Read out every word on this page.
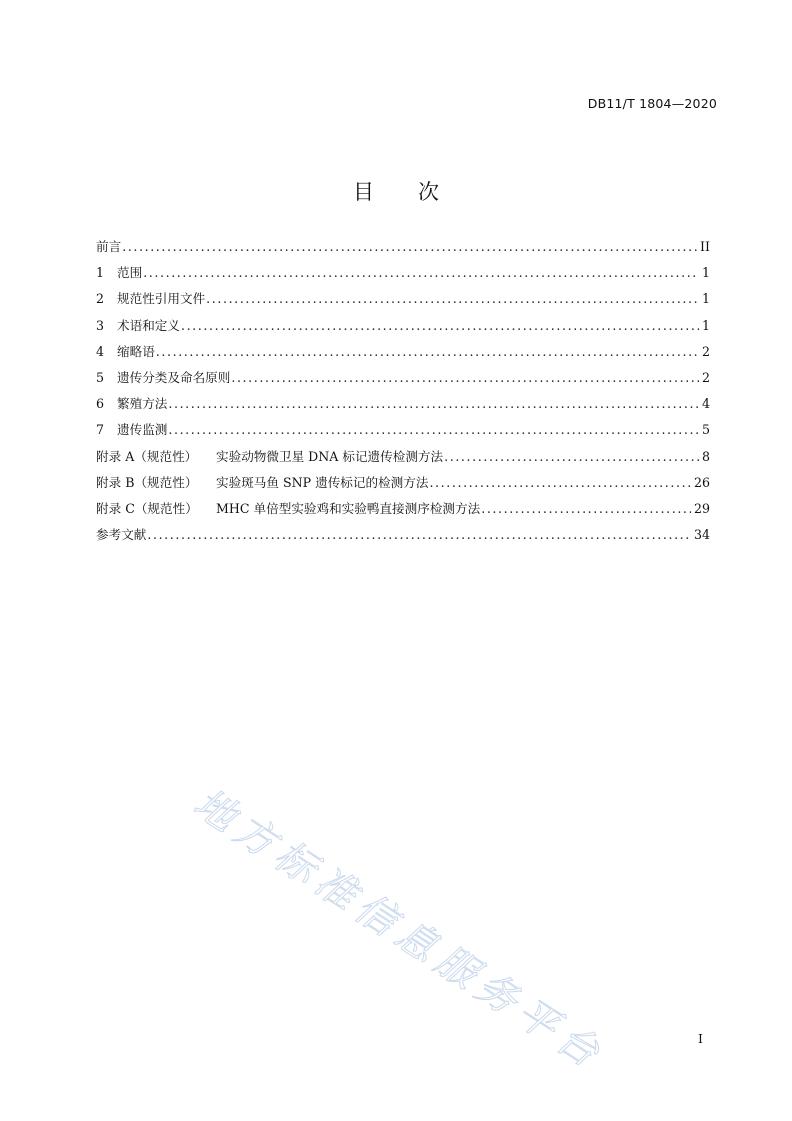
DB11/T 1804—2020
目 次
前言 .....	II
1	范围 .....	1
2	规范性引用文件 .....	1
3	术语和定义 .....	1
4	缩略语 .....	2
5	遗传分类及命名原则 .....	2
6	繁殖方法 .....	4
7	遗传监测 .....	5
附录 A（规范性）	实验动物微卫星 DNA 标记遗传检测方法 .....	8
附录 B（规范性）	实验斑马鱼 SNP 遗传标记的检测方法 .....	26
附录 C（规范性）	MHC 单倍型实验鸡和实验鸭直接测序检测方法 .....	29
参考文献 .....	34
地方标准信息服务平台	I
